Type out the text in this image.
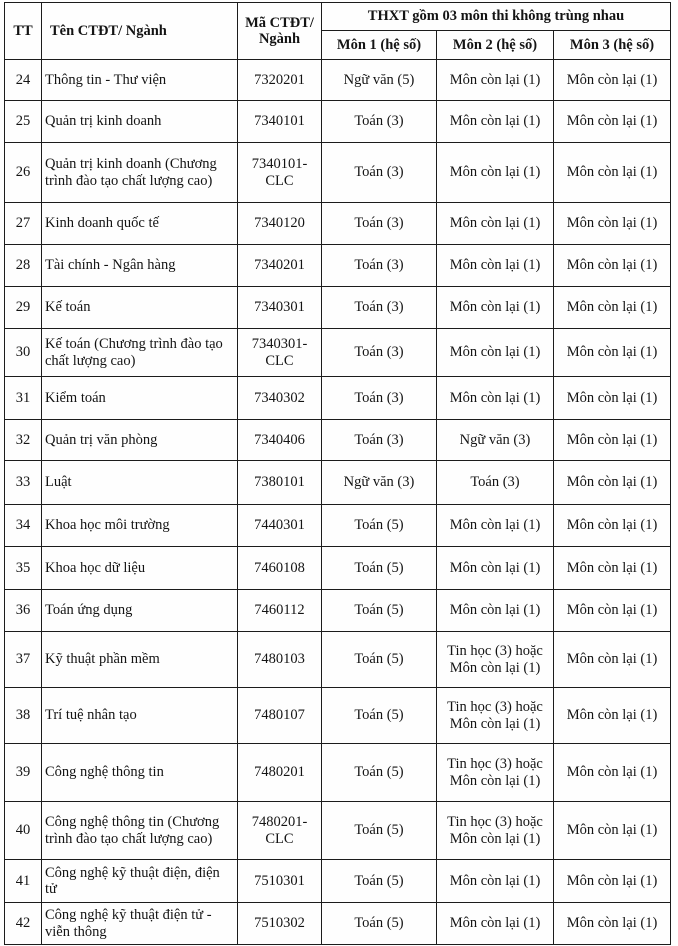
TT	Tên CTĐT/ Ngành	Mã CTĐT/ Ngành	THXT gồm 03 môn thi không trùng nhau		
			Môn 1 (hệ số)	Môn 2 (hệ số)	Môn 3 (hệ số)
24	Thông tin - Thư viện	7320201	Ngữ văn (5)	Môn còn lại (1)	Môn còn lại (1)
25	Quản trị kinh doanh	7340101	Toán (3)	Môn còn lại (1)	Môn còn lại (1)
26	Quản trị kinh doanh (Chương trình đào tạo chất lượng cao)	7340101-CLC	Toán (3)	Môn còn lại (1)	Môn còn lại (1)
27	Kinh doanh quốc tế	7340120	Toán (3)	Môn còn lại (1)	Môn còn lại (1)
28	Tài chính - Ngân hàng	7340201	Toán (3)	Môn còn lại (1)	Môn còn lại (1)
29	Kế toán	7340301	Toán (3)	Môn còn lại (1)	Môn còn lại (1)
30	Kế toán (Chương trình đào tạo chất lượng cao)	7340301-CLC	Toán (3)	Môn còn lại (1)	Môn còn lại (1)
31	Kiểm toán	7340302	Toán (3)	Môn còn lại (1)	Môn còn lại (1)
32	Quản trị văn phòng	7340406	Toán (3)	Ngữ văn (3)	Môn còn lại (1)
33	Luật	7380101	Ngữ văn (3)	Toán (3)	Môn còn lại (1)
34	Khoa học môi trường	7440301	Toán (5)	Môn còn lại (1)	Môn còn lại (1)
35	Khoa học dữ liệu	7460108	Toán (5)	Môn còn lại (1)	Môn còn lại (1)
36	Toán ứng dụng	7460112	Toán (5)	Môn còn lại (1)	Môn còn lại (1)
37	Kỹ thuật phần mềm	7480103	Toán (5)	Tin học (3) hoặc Môn còn lại (1)	Môn còn lại (1)
38	Trí tuệ nhân tạo	7480107	Toán (5)	Tin học (3) hoặc Môn còn lại (1)	Môn còn lại (1)
39	Công nghệ thông tin	7480201	Toán (5)	Tin học (3) hoặc Môn còn lại (1)	Môn còn lại (1)
40	Công nghệ thông tin (Chương trình đào tạo chất lượng cao)	7480201-CLC	Toán (5)	Tin học (3) hoặc Môn còn lại (1)	Môn còn lại (1)
41	Công nghệ kỹ thuật điện, điện tử	7510301	Toán (5)	Môn còn lại (1)	Môn còn lại (1)
42	Công nghệ kỹ thuật điện tử - viễn thông	7510302	Toán (5)	Môn còn lại (1)	Môn còn lại (1)
